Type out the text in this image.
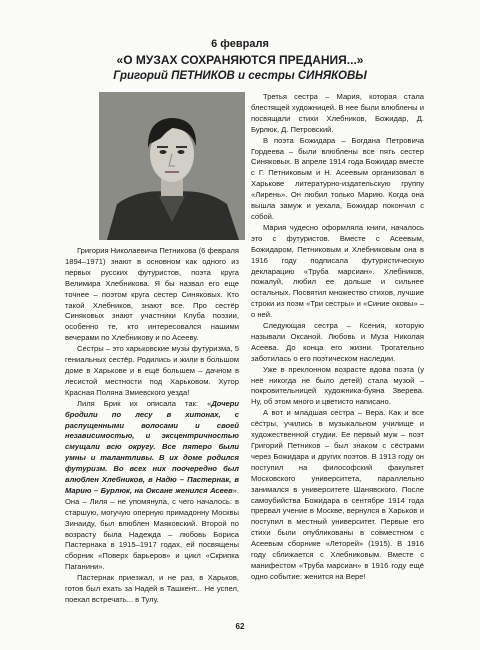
6 февраля
«О МУЗАХ СОХРАНЯЮТСЯ ПРЕДАНИЯ...»
Григорий ПЕТНИКОВ и сестры СИНЯКОВЫ

Григория Николаевича Петникова (6 февраля 1894–1971) знают в основном как одного из первых русских футуристов, поэта круга Велимира Хлебникова. Я бы назвал его еще точнее – поэтом круга сестер Синяковых. Кто такой Хлебников, знают все. Про сестёр Синяковых знают участники Клуба поэзии, особенно те, кто интересовался нашими вечерами по Хлебникову и по Асееву.

Сестры – это харьковские музы футуризма, 5 гениальных сестёр. Родились и жили в большом доме в Харькове и в ещё большем – дачном в лесистой местности под Харьковом. Хутор Красная Поляна Змиевского уезда!

Лиля Брик их описала так: «Дочери бродили по лесу в хитонах, с распущенными волосами и своей независимостью, и эксцентричностью смущали всю округу. Все пятеро были умны и талантливы. В их доме родился футуризм. Во всех них поочередно был влюблен Хлебников, в Надю – Пастернак, в Марию – Бурлюк, на Оксане женился Асеев». Она – Лиля – не упомянула, с чего началось: в старшую, могучую оперную примадонну Москвы Зинаиду, был влюблен Маяковский. Второй по возрасту была Надежда – любовь Бориса Пастернака в 1915–1917 годах, ей посвящены сборник «Поверх барьеров» и цикл «Скрипка Паганини».

Пастернак приезжал, и не раз, в Харьков, готов был ехать за Надей в Ташкент... Не успел, поехал встречать... в Тулу.

Третья сестра – Мария, которая стала блестящей художницей. В нее были влюблены и посвящали стихи Хлебников, Божидар, Д. Бурлюк, Д. Петровский.

В поэта Божидара – Богдана Петровича Гордеева – были влюблены все пять сестер Синяковых. В апреле 1914 года Божидар вместе с Г. Петниковым и Н. Асеевым организовал в Харькове литературно-издательскую группу «Лирень». Он любил только Марию. Когда она вышла замуж и уехала, Божидар покончил с собой.

Мария чудесно оформляла книги, началось это с футуристов. Вместе с Асеевым, Божидаром, Петниковым и Хлебниковым она в 1916 году подписала футуристическую декларацию «Труба марсиан». Хлебников, пожалуй, любил ее дольше и сильнее остальных. Посвятил множество стихов, лучшие строки из поэм «Три сестры» и «Синие оковы» – о ней.

Следующая сестра – Ксения, которую называли Оксаной. Любовь и Муза Николая Асеева. До конца его жизни. Трогательно заботилась о его поэтическом наследии.

Уже в преклонном возрасте вдова поэта (у неё никогда не было детей) стала музой – покровительницей художника-буяна Зверева. Ну, об этом много и цветисто написано.

А вот и младшая сестра – Вера. Как и все сёстры, учились в музыкальном училище и художественной студии. Ее первый муж – поэт Григорий Петников – был знаком с сёстрами через Божидара и других поэтов. В 1913 году он поступил на философский факультет Московского университета, параллельно занимался в университете Шанявского. После самоубийства Божидара в сентябре 1914 года прервал учение в Москве, вернулся в Харьков и поступил в местный университет. Первые его стихи были опубликованы в совместном с Асеевым сборнике «Летоpей» (1915). В 1916 году сближается с Хлебниковым. Вместе с манифестом «Труба марсиан» в 1916 году ещё одно событие: женится на Вере!

62
